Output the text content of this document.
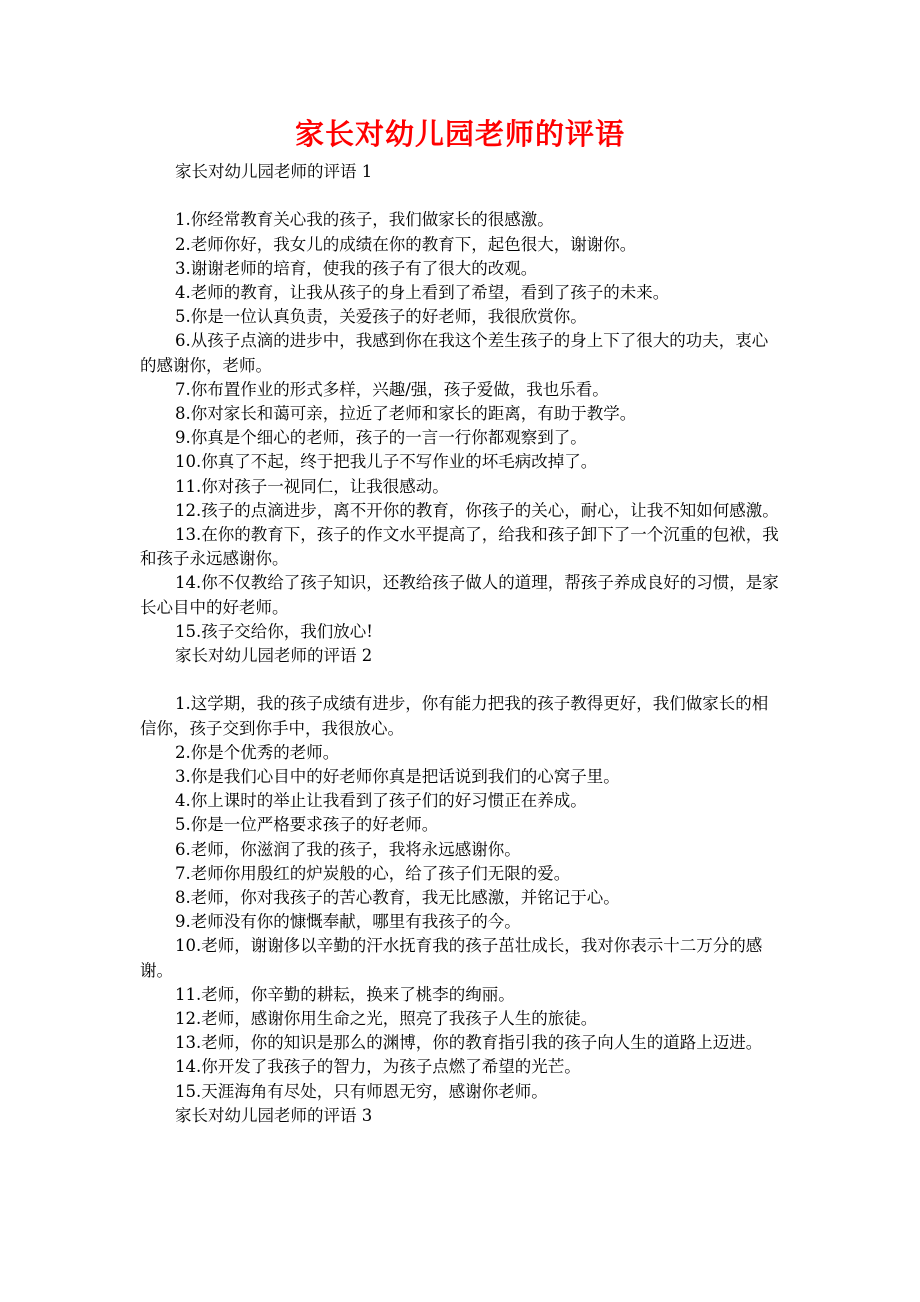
家长对幼儿园老师的评语

家长对幼儿园老师的评语 1

1.你经常教育关心我的孩子，我们做家长的很感激。

2.老师你好，我女儿的成绩在你的教育下，起色很大，谢谢你。

3.谢谢老师的培育，使我的孩子有了很大的改观。

4.老师的教育，让我从孩子的身上看到了希望，看到了孩子的未来。

5.你是一位认真负责，关爱孩子的好老师，我很欣赏你。

6.从孩子点滴的进步中，我感到你在我这个差生孩子的身上下了很大的功夫，衷心的感谢你，老师。

7.你布置作业的形式多样，兴趣/强，孩子爱做，我也乐看。

8.你对家长和蔼可亲，拉近了老师和家长的距离，有助于教学。

9.你真是个细心的老师，孩子的一言一行你都观察到了。

10.你真了不起，终于把我儿子不写作业的坏毛病改掉了。

11.你对孩子一视同仁，让我很感动。

12.孩子的点滴进步，离不开你的教育，你孩子的关心，耐心，让我不知如何感激。

13.在你的教育下，孩子的作文水平提高了，给我和孩子卸下了一个沉重的包袱，我和孩子永远感谢你。

14.你不仅教给了孩子知识，还教给孩子做人的道理，帮孩子养成良好的习惯，是家长心目中的好老师。

15.孩子交给你，我们放心!

家长对幼儿园老师的评语 2

1.这学期，我的孩子成绩有进步，你有能力把我的孩子教得更好，我们做家长的相信你，孩子交到你手中，我很放心。

2.你是个优秀的老师。

3.你是我们心目中的好老师你真是把话说到我们的心窝子里。

4.你上课时的举止让我看到了孩子们的好习惯正在养成。

5.你是一位严格要求孩子的好老师。

6.老师，你滋润了我的孩子，我将永远感谢你。

7.老师你用殷红的炉炭般的心，给了孩子们无限的爱。

8.老师，你对我孩子的苦心教育，我无比感激，并铭记于心。

9.老师没有你的慷慨奉献，哪里有我孩子的今。

10.老师，谢谢侈以辛勤的汗水抚育我的孩子茁壮成长，我对你表示十二万分的感谢。

11.老师，你辛勤的耕耘，换来了桃李的绚丽。

12.老师，感谢你用生命之光，照亮了我孩子人生的旅徒。

13.老师，你的知识是那么的渊博，你的教育指引我的孩子向人生的道路上迈进。

14.你开发了我孩子的智力，为孩子点燃了希望的光芒。

15.天涯海角有尽处，只有师恩无穷，感谢你老师。

家长对幼儿园老师的评语 3
